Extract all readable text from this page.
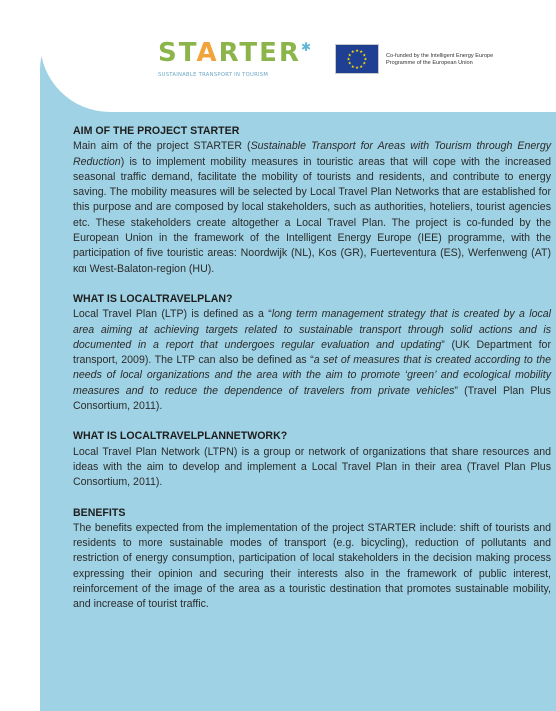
STARTER✱
SUSTAINABLE TRANSPORT IN TOURISM
★ ★
★
★
★
★
★
★
★
★
★
★
Co-funded by the Intelligent Energy Europe
Programme of the European Union
AIM OF THE PROJECT STARTER
Main aim of the project STARTER (Sustainable Transport for Areas with Tourism through Energy Reduction) is to implement mobility measures in touristic areas that will cope with the increased seasonal traffic demand, facilitate the mobility of tourists and residents, and contribute to energy saving. The mobility measures will be selected by Local Travel Plan Networks that are established for this purpose and are composed by local stakeholders, such as authorities, hoteliers, tourist agencies etc. These stakeholders create altogether a Local Travel Plan. The project is co-funded by the European Union in the framework of the Intelligent Energy Europe (IEE) programme, with the participation of five touristic areas: Noordwijk (NL), Kos (GR), Fuerteventura (ES), Werfenweng (AT) και West-Balaton-region (HU).
WHAT IS LOCALTRAVELPLAN?
Local Travel Plan (LTP) is defined as a “long term management strategy that is created by a local area aiming at achieving targets related to sustainable transport through solid actions and is documented in a report that undergoes regular evaluation and updating” (UK Department for transport, 2009). The LTP can also be defined as “a set of measures that is created according to the needs of local organizations and the area with the aim to promote ‘green’ and ecological mobility measures and to reduce the dependence of travelers from private vehicles” (Travel Plan Plus Consortium, 2011).
WHAT IS LOCALTRAVELPLANNETWORK?
Local Travel Plan Network (LTPN) is a group or network of organizations that share resources and ideas with the aim to develop and implement a Local Travel Plan in their area (Travel Plan Plus Consortium, 2011).
BENEFITS
The benefits expected from the implementation of the project STARTER include: shift of tourists and residents to more sustainable modes of transport (e.g. bicycling), reduction of pollutants and restriction of energy consumption, participation of local stakeholders in the decision making process expressing their opinion and securing their interests also in the framework of public interest, reinforcement of the image of the area as a touristic destination that promotes sustainable mobility, and increase of tourist traffic.
